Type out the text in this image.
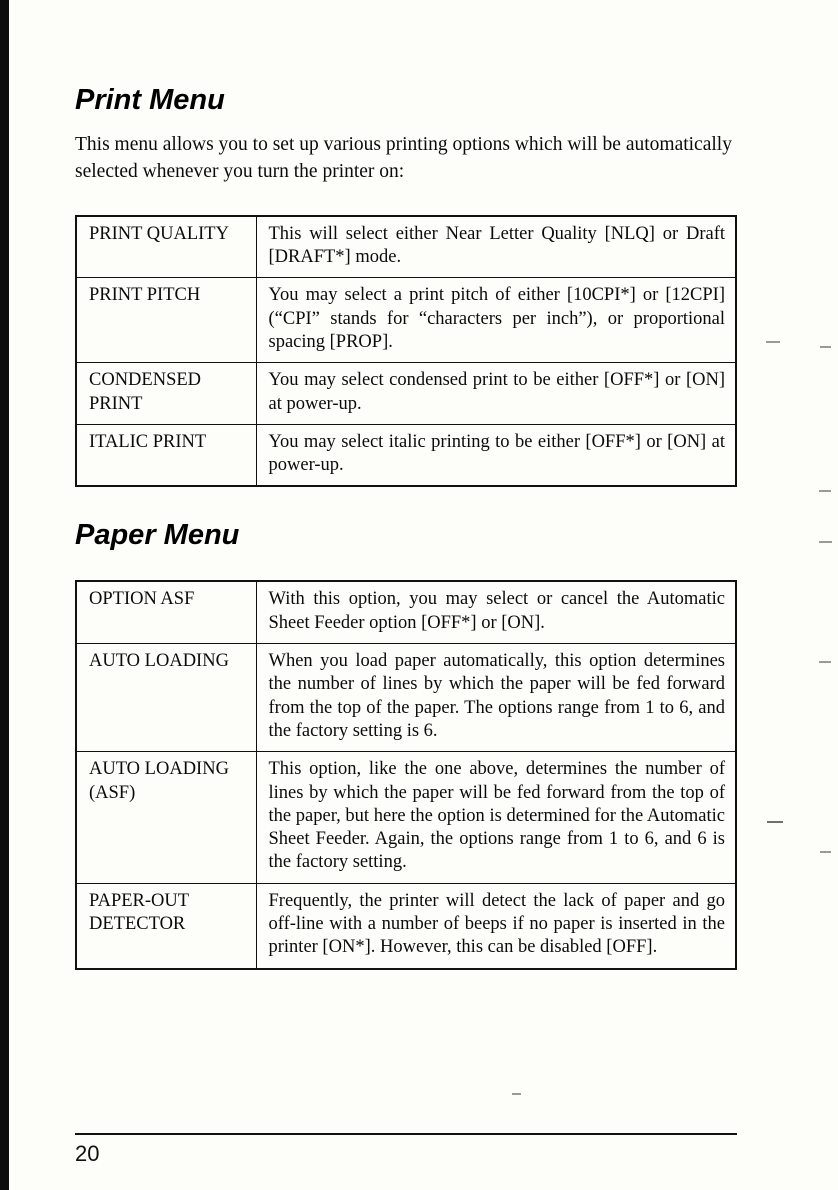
Print Menu

This menu allows you to set up various printing options which will be automatically selected whenever you turn the printer on:

PRINT QUALITY	This will select either Near Letter Quality [NLQ] or Draft [DRAFT*] mode.
PRINT PITCH	You may select a print pitch of either [10CPI*] or [12CPI] (“CPI” stands for “characters per inch”), or proportional spacing [PROP].
CONDENSED PRINT	You may select condensed print to be either [OFF*] or [ON] at power-up.
ITALIC PRINT	You may select italic printing to be either [OFF*] or [ON] at power-up.
Paper Menu
OPTION ASF	With this option, you may select or cancel the Automatic Sheet Feeder option [OFF*] or [ON].
AUTO LOADING	When you load paper automatically, this option determines the number of lines by which the paper will be fed forward from the top of the paper. The options range from 1 to 6, and the factory setting is 6.
AUTO LOADING (ASF)	This option, like the one above, determines the number of lines by which the paper will be fed forward from the top of the paper, but here the option is determined for the Automatic Sheet Feeder. Again, the options range from 1 to 6, and 6 is the factory setting.
PAPER-OUT DETECTOR	Frequently, the printer will detect the lack of paper and go off-line with a number of beeps if no paper is inserted in the printer [ON*]. However, this can be disabled [OFF].
20
